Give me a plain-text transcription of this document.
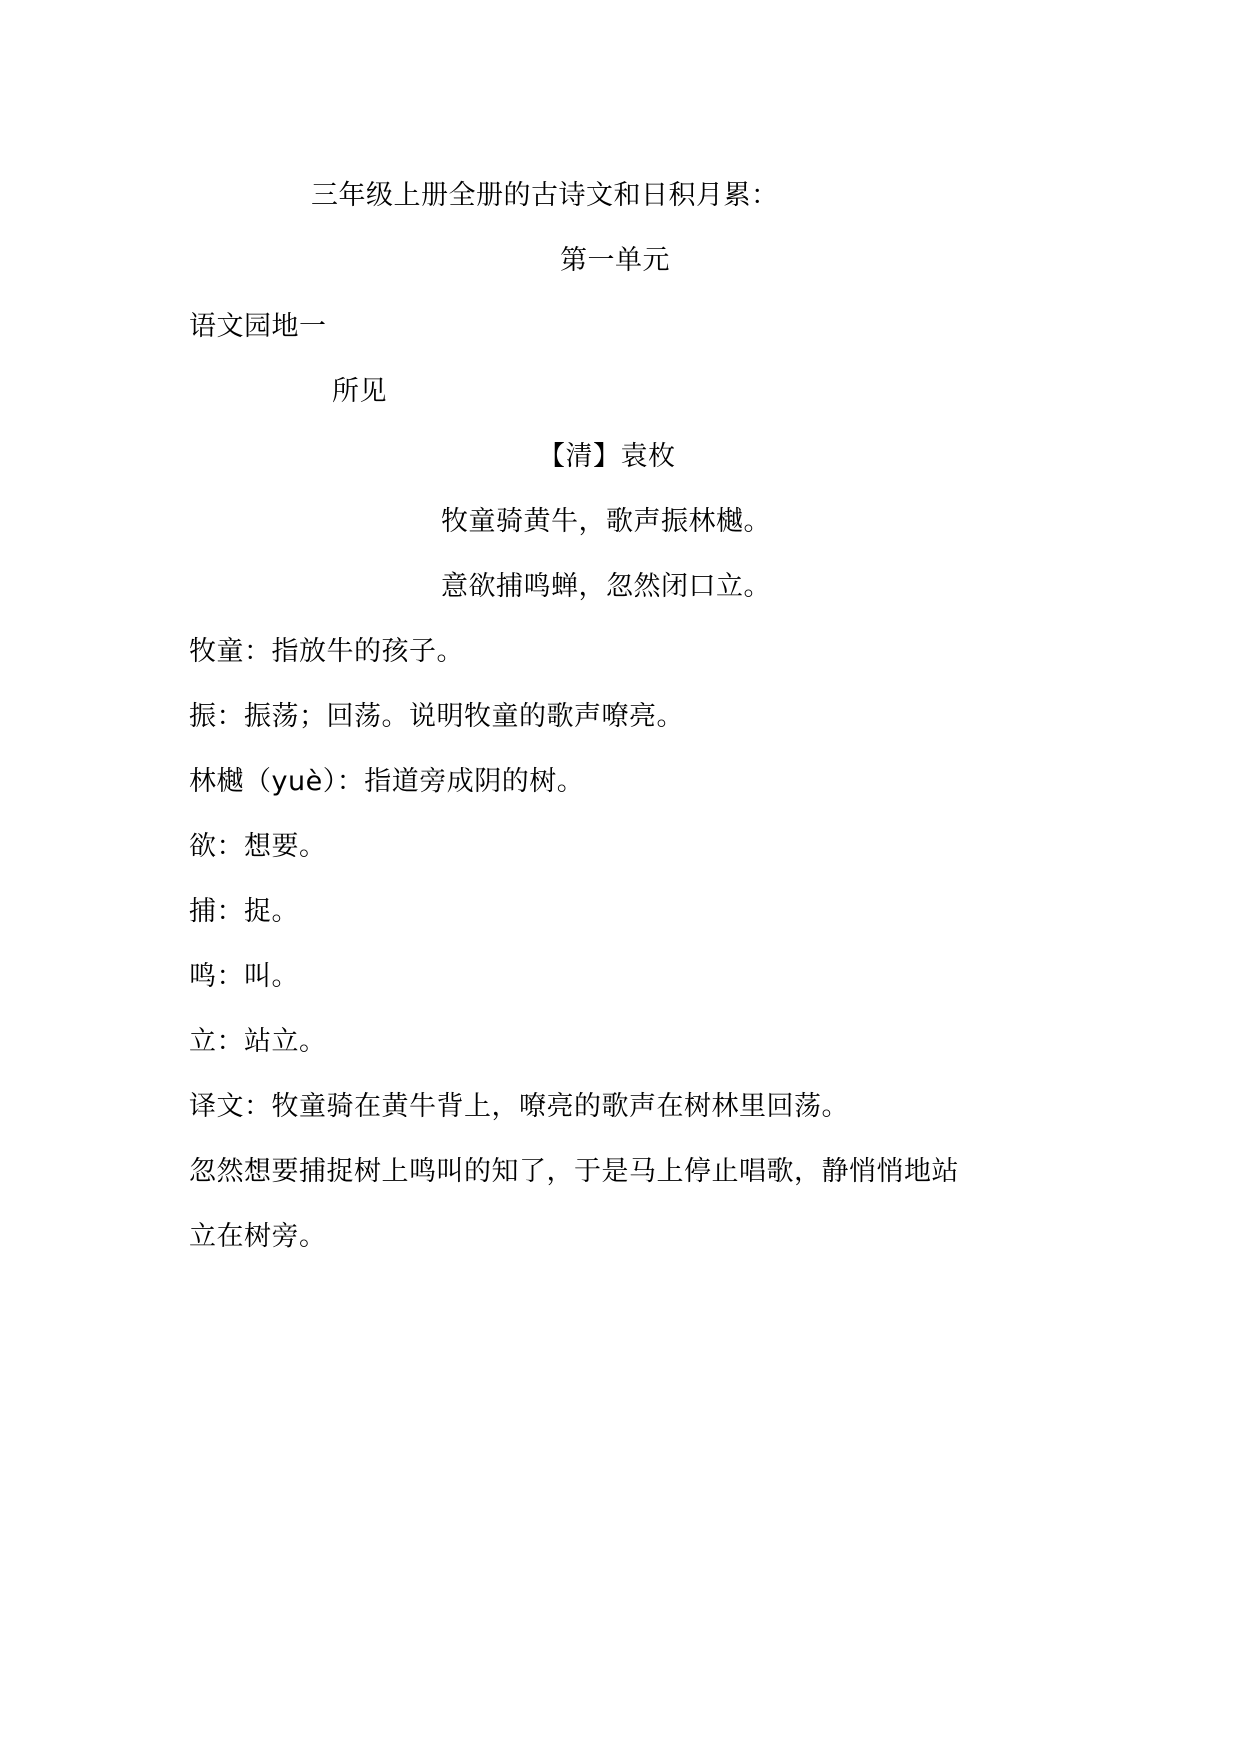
三年级上册全册的古诗文和日积月累：
第一单元
语文园地一
所见
【清】袁枚
牧童骑黄牛，歌声振林樾。
意欲捕鸣蝉，忽然闭口立。
牧童：指放牛的孩子。
振：振荡；回荡。说明牧童的歌声嘹亮。
林樾（yuè）：指道旁成阴的树。
欲：想要。
捕：捉。
鸣：叫。
立：站立。
译文：牧童骑在黄牛背上，嘹亮的歌声在树林里回荡。
忽然想要捕捉树上鸣叫的知了，于是马上停止唱歌，静悄悄地站
立在树旁。
